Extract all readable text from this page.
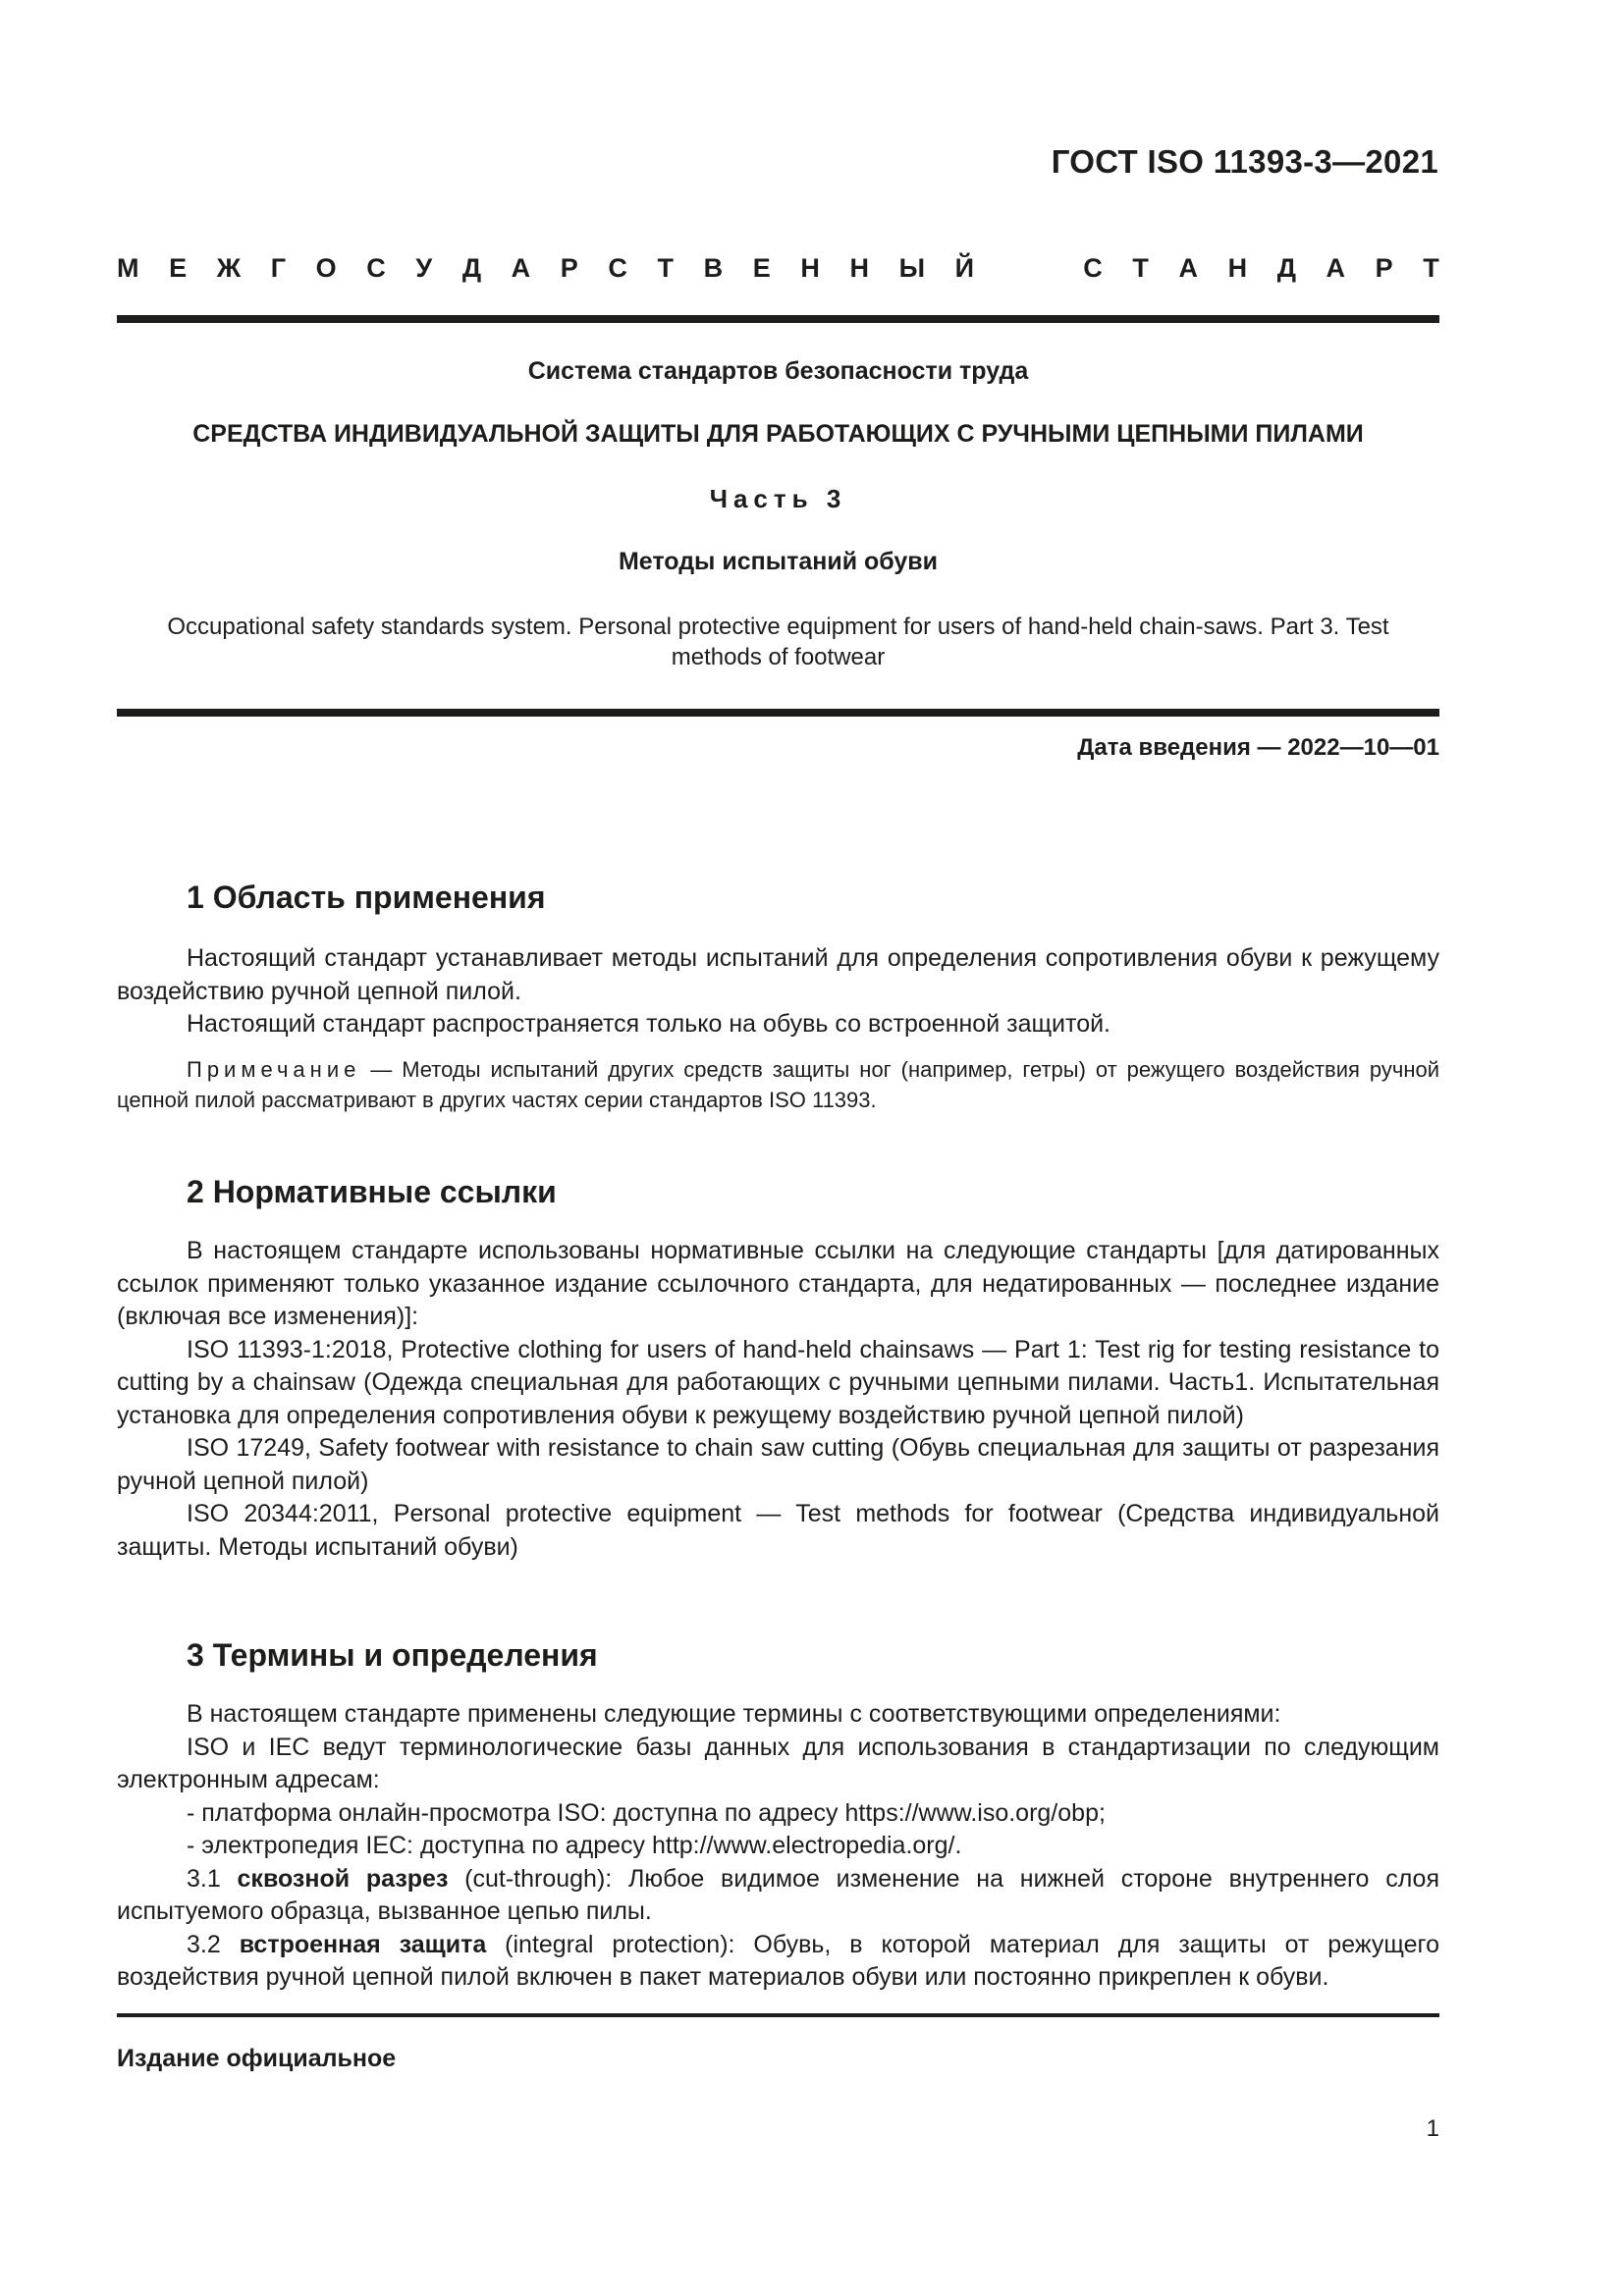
ГОСТ ISO 11393-3—2021
М Е Ж Г О С У Д А Р С Т В Е Н Н Ы Й	С Т А Н Д А Р Т
Система стандартов безопасности труда
СРЕДСТВА ИНДИВИДУАЛЬНОЙ ЗАЩИТЫ ДЛЯ РАБОТАЮЩИХ С РУЧНЫМИ ЦЕПНЫМИ ПИЛАМИ
Часть 3
Методы испытаний обуви
Occupational safety standards system. Personal protective equipment for users of hand-held chain-saws. Part 3. Test methods of footwear
Дата введения — 2022—10—01
1 Область применения

Настоящий стандарт устанавливает методы испытаний для определения сопротивления обуви к режущему воздействию ручной цепной пилой.

Настоящий стандарт распространяется только на обувь со встроенной защитой.

Примечание — Методы испытаний других средств защиты ног (например, гетры) от режущего воздействия ручной цепной пилой рассматривают в других частях серии стандартов ISO 11393.

2 Нормативные ссылки

В настоящем стандарте использованы нормативные ссылки на следующие стандарты [для датированных ссылок применяют только указанное издание ссылочного стандарта, для недатированных — последнее издание (включая все изменения)]:

ISO 11393-1:2018, Protective clothing for users of hand-held chainsaws — Part 1: Test rig for testing resistance to cutting by a chainsaw (Одежда специальная для работающих с ручными цепными пилами. Часть1. Испытательная установка для определения сопротивления обуви к режущему воздействию ручной цепной пилой)

ISO 17249, Safety footwear with resistance to chain saw cutting (Обувь специальная для защиты от разрезания ручной цепной пилой)

ISO 20344:2011, Personal protective equipment — Test methods for footwear (Средства индивидуальной защиты. Методы испытаний обуви)

3 Термины и определения

В настоящем стандарте применены следующие термины с соответствующими определениями:

ISO и IEC ведут терминологические базы данных для использования в стандартизации по следующим электронным адресам:

- платформа онлайн-просмотра ISO: доступна по адресу https://www.iso.org/obp;

- электропедия IEC: доступна по адресу http://www.electropedia.org/.

3.1 сквозной разрез (cut-through): Любое видимое изменение на нижней стороне внутреннего слоя испытуемого образца, вызванное цепью пилы.

3.2 встроенная защита (integral protection): Обувь, в которой материал для защиты от режущего воздействия ручной цепной пилой включен в пакет материалов обуви или постоянно прикреплен к обуви.

Издание официальное
1
